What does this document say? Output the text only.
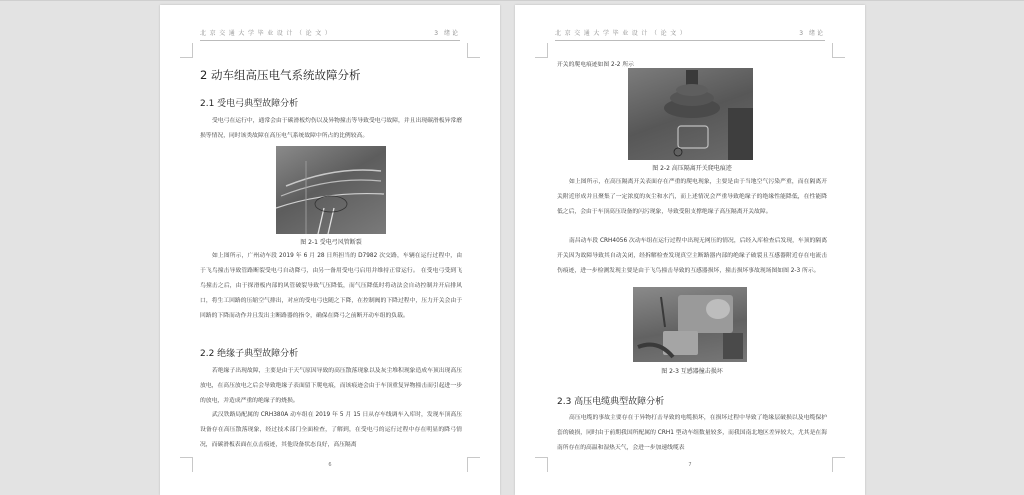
北京交通大学毕业设计（论文）	3 绪论
2 动车组高压电气系统故障分析
2.1 受电弓典型故障分析
受电弓在运行中，通常会由于碳滑板灼伤以及异物撞击等导致受电弓故障，并且出现碳滑板异常磨损等情况，同时该类故障在高压电气系统故障中所占的比例较高。
图 2-1 受电弓风管断裂
如上图所示，广州动车段 2019 年 6 月 28 日所担当的 D7982 次交路，车辆在运行过程中，由于飞鸟撞击导致管路断裂受电弓自动降弓，由另一备用受电弓启用并维持正常运行。 在受电弓受到飞鸟撞击之后，由于探滑板内部的风管破裂导致气压降低，而气压降低时将动法会自动控制并开启排风口，将生工回路的压缩空气排出，对应的受电弓也随之下降，在控制阀的下降过程中，压力开关会由于回路的下降而动作并且发出主断路器的指令，确保在降弓之前断开动车组的负载。
2.2 绝缘子典型故障分析
若绝缘子出现故障，主要是由于天气原因导致的高压散落现象以及灰尘堆积现象造成车顶出现高压放电，在高压放电之后会导致绝缘子表面留下爬电痕，而该痕迹会由于车顶重复异物撞击而引起进一步的放电，并造成严重的绝缘子的烧损。
武汉铁路局配属的 CRH380A 动车组在 2019 年 5 月 15 日从存车线调车入库时，发现车顶高压设备存在高压散落现象，经过技术部门全面检查，了解到，在受电弓的运行过程中存在明显的降弓情况，而碳滑板表面在点击痕迹，其他设备状态良好，高压隔离
6
北京交通大学毕业设计（论文）	3 绪论
开关的爬电痕迹如图 2-2 所示
图 2-2 高压隔离开关爬电痕迹
如上图所示，在高压隔离开关表面存在严重的爬电现象，主要是由于当地空气污染严重，而在隔离开关附近形成并且聚集了一定浓度的灰尘和水汽，而上述情况会严重导致绝缘子的绝缘性能降低，在性能降低之后，会由于车顶高压设备的闪污现象，导致受阻支撑绝缘子高压隔离开关故障。
南昌动车段 CRH4056 次动车组在运行过程中出现无网压的情况，后经入库检查后发现，车顶的隔离开关因为故障导致其自动关闭，经拆解检查发现真空主断路器内部的绝缘子破裂且互感器附近存在电流击伤痕迹，进一步检测发现主要是由于飞鸟撞击导致的互感器损坏，撞击损坏事故现场图如图 2-3 所示。
图 2-3 互感器撞击损坏
2.3 高压电缆典型故障分析
高压电缆的事故主要存在于异物打击导致的电缆损坏，在损坏过程中导致了绝缘层破损以及电缆保护套的破损，同时由于前期我国所配属的 CRH1 型动车组数量较多，而我国南北地区差异较大，尤其是在海南所存在的高温和湿热天气，会进一步加速线缆表
7
